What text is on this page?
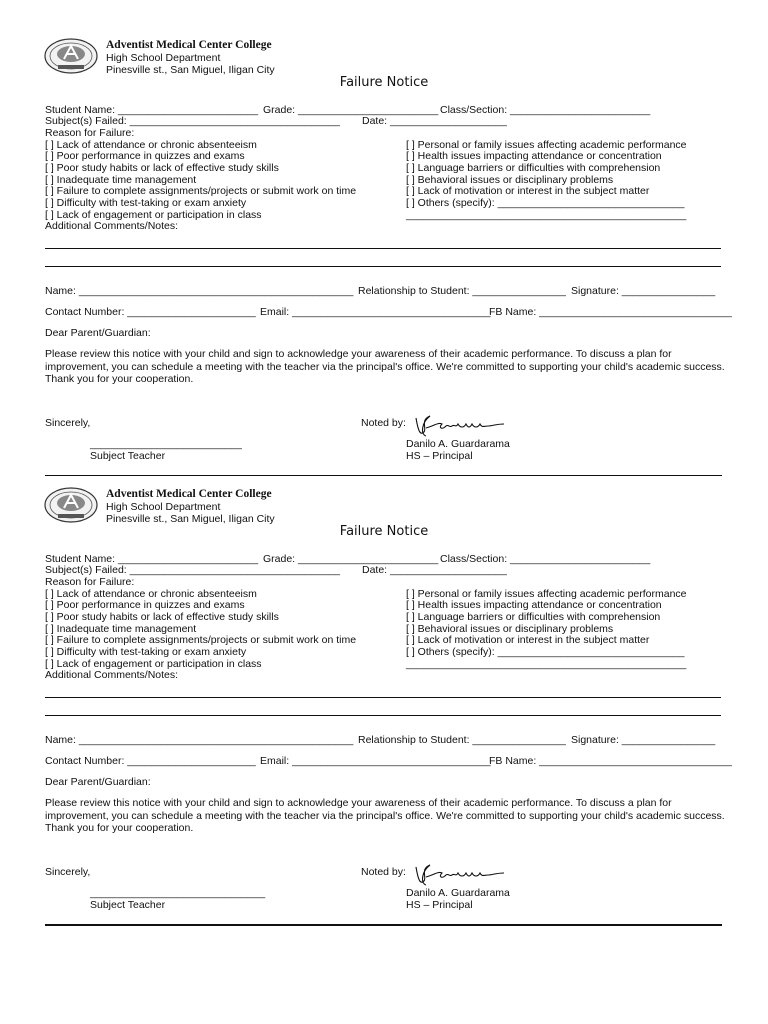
Adventist Medical Center College
High School Department
Pinesville st., San Miguel, Iligan City
Failure Notice
Student Name: ________________________ Grade: ________________________ Class/Section: ________________________
Subject(s) Failed: ____________________________________ Date: ____________________
Reason for Failure:
[ ] Lack of attendance or chronic absenteeism
[ ] Poor performance in quizzes and exams
[ ] Poor study habits or lack of effective study skills
[ ] Inadequate time management
[ ] Failure to complete assignments/projects or submit work on time
[ ] Difficulty with test-taking or exam anxiety
[ ] Lack of engagement or participation in class
[ ] Personal or family issues affecting academic performance
[ ] Health issues impacting attendance or concentration
[ ] Language barriers or difficulties with comprehension
[ ] Behavioral issues or disciplinary problems
[ ] Lack of motivation or interest in the subject matter
[ ] Others (specify): ________________________________
________________________________________________
Additional Comments/Notes:
Name: _______________________________________________ Relationship to Student: ________________ Signature: ________________
Contact Number: ______________________ Email: __________________________________
FB Name: _________________________________
Dear Parent/Guardian:
Please review this notice with your child and sign to acknowledge your awareness of their academic performance. To discuss a plan for improvement, you can schedule a meeting with the teacher via the principal's office. We're committed to supporting your child's academic success. Thank you for your cooperation.
Sincerely,
__________________________
Subject Teacher
Noted by:
Danilo A. Guardarama
HS – Principal
Adventist Medical Center College
High School Department
Pinesville st., San Miguel, Iligan City
Failure Notice
Student Name: ________________________ Grade: ________________________ Class/Section: ________________________
Subject(s) Failed: ____________________________________ Date: ____________________
Reason for Failure:
[ ] Lack of attendance or chronic absenteeism
[ ] Poor performance in quizzes and exams
[ ] Poor study habits or lack of effective study skills
[ ] Inadequate time management
[ ] Failure to complete assignments/projects or submit work on time
[ ] Difficulty with test-taking or exam anxiety
[ ] Lack of engagement or participation in class
[ ] Personal or family issues affecting academic performance
[ ] Health issues impacting attendance or concentration
[ ] Language barriers or difficulties with comprehension
[ ] Behavioral issues or disciplinary problems
[ ] Lack of motivation or interest in the subject matter
[ ] Others (specify): ________________________________
________________________________________________
Additional Comments/Notes:
Name: _______________________________________________ Relationship to Student: ________________ Signature: ________________
Contact Number: ______________________ Email: __________________________________
FB Name: _________________________________
Dear Parent/Guardian:
Please review this notice with your child and sign to acknowledge your awareness of their academic performance. To discuss a plan for improvement, you can schedule a meeting with the teacher via the principal's office. We're committed to supporting your child's academic success. Thank you for your cooperation.
Sincerely,
______________________________
Subject Teacher
Noted by:
Danilo A. Guardarama
HS – Principal
